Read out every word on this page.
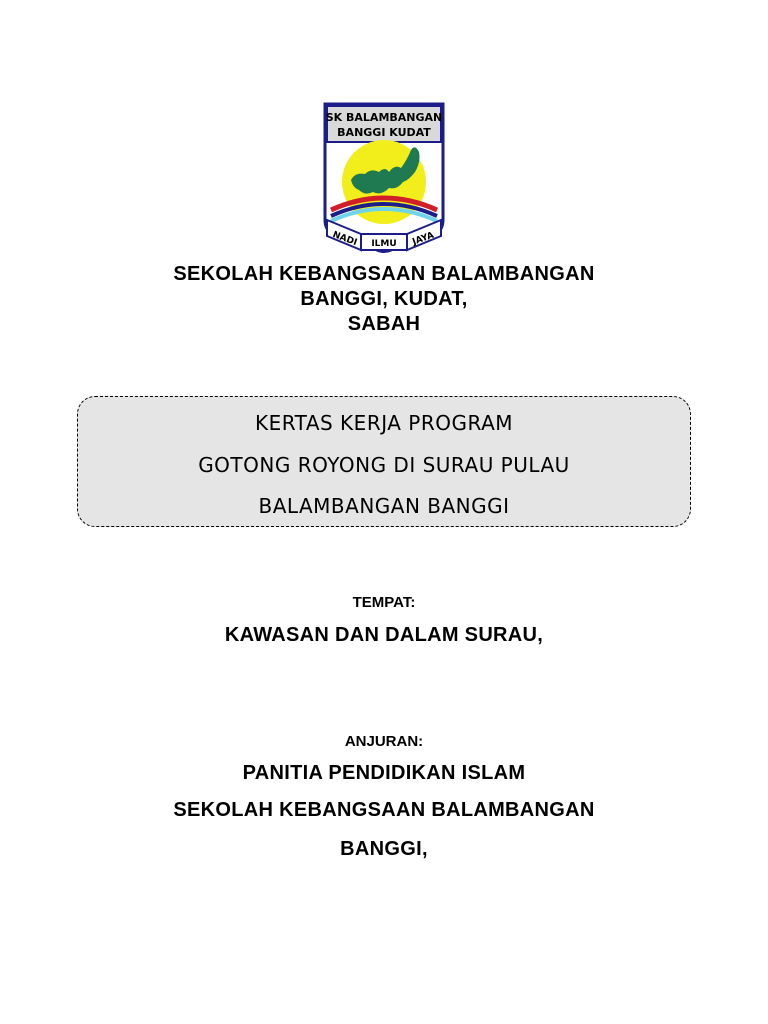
SK BALAMBANGAN
BANGGI KUDAT
NADI ILMU JAYA
SEKOLAH KEBANGSAAN BALAMBANGAN
BANGGI, KUDAT,
SABAH
KERTAS KERJA PROGRAM
GOTONG ROYONG DI SURAU PULAU
BALAMBANGAN BANGGI
TEMPAT:
KAWASAN DAN DALAM SURAU,
ANJURAN:
PANITIA PENDIDIKAN ISLAM
SEKOLAH KEBANGSAAN BALAMBANGAN
BANGGI,
